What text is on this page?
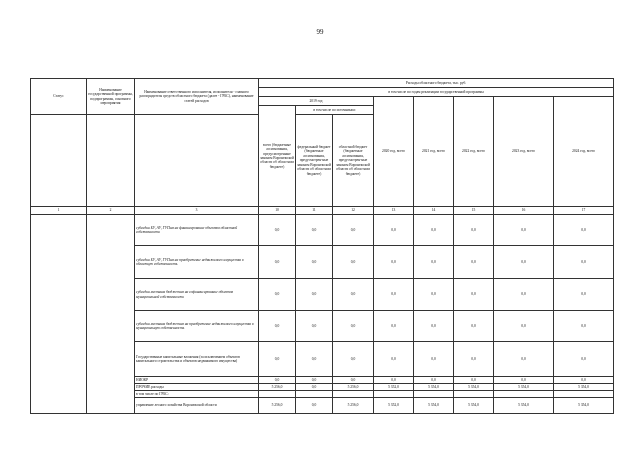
99
Статус	Наименование государственной программы, подпрограммы, основного мероприятия	Наименование ответственного исполнителя, исполнителя - главного распорядителя средств областного бюджета (далее - ГРБС), наименование статей расходов	Расходы областного бюджета, тыс. руб.							
			в том числе по годам реализации государственной программы							
			2019 год			2020 год, всего	2021 год, всего	2022 год, всего	2023 год, всего	2024 год, всего
			всего (бюджетные ассигнования, предусмотренные законом Воронежской области об областном бюджете)	в том числе по источникам:						
				федеральный бюджет (бюджетные ассигнования, предусмотрен-ные законом Воронежской области об областном бюджете)	областной бюджет (бюджетные ассигнования, предусмотрен-ные законом Воронежской области об областном бюджете)					
1	2	3	10	11	12	13	14	15	16	17
		субсидии БУ, АУ, ГУПам на финансирование объектов областной собственности	0,0	0,0	0,0	0,0	0,0	0,0	0,0	0,0
		субсидии БУ, АУ, ГУПам на приобретение недвижимого имущества в областную собственность	0,0	0,0	0,0	0,0	0,0	0,0	0,0	0,0
		субсидии местным бюджетам на софинансирование объектов муниципальной собственности	0,0	0,0	0,0	0,0	0,0	0,0	0,0	0,0
		субсидии местным бюджетам на приобретение недвижимого имущества в муниципальную собственность	0,0	0,0	0,0	0,0	0,0	0,0	0,0	0,0
		Государственные капитальные вложения (за исключением объектов капитального строительства и объектов недвижимого имущества)	0,0	0,0	0,0	0,0	0,0	0,0	0,0	0,0
		НИОКР	0,0	0,0	0,0	0,0	0,0	0,0	0,0	0,0
		ПРОЧИЕ расходы	5 256,0	0,0	5 256,0	5 352,0	5 354,0	5 354,0	5 354,0	5 354,0
		в том числе по ГРБС:								
		управление лесного хозяйства Воронежской области	5 256,0	0,0	5 256,0	5 352,0	5 354,0	5 354,0	5 354,0	5 354,0
